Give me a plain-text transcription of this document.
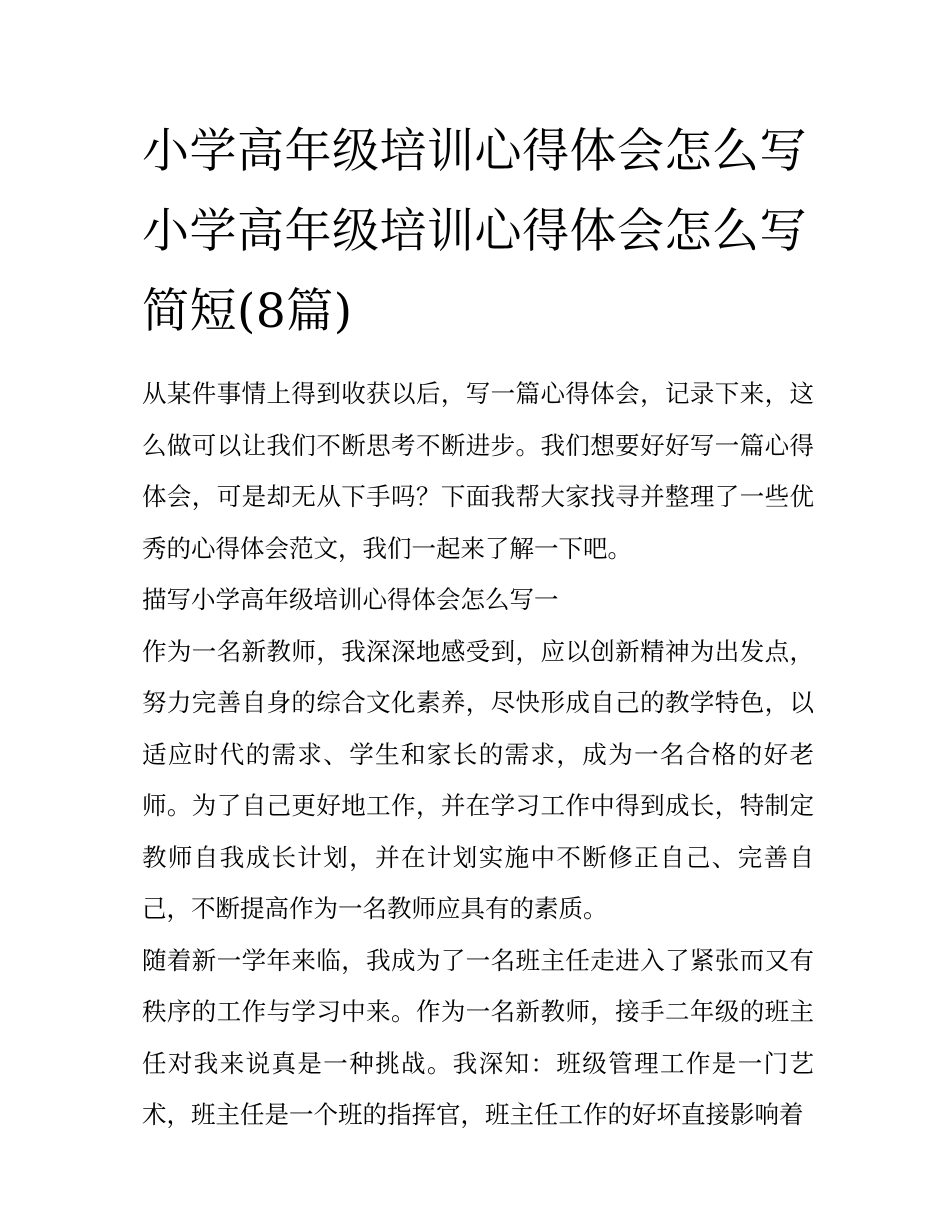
小学高年级培训心得体会怎么写 小学高年级培训心得体会怎么写简短(8篇)

从某件事情上得到收获以后，写一篇心得体会，记录下来，这么做可以让我们不断思考不断进步。我们想要好好写一篇心得体会，可是却无从下手吗？下面我帮大家找寻并整理了一些优秀的心得体会范文，我们一起来了解一下吧。

描写小学高年级培训心得体会怎么写一

作为一名新教师，我深深地感受到，应以创新精神为出发点，努力完善自身的综合文化素养，尽快形成自己的教学特色，以适应时代的需求、学生和家长的需求，成为一名合格的好老师。为了自己更好地工作，并在学习工作中得到成长，特制定教师自我成长计划，并在计划实施中不断修正自己、完善自己，不断提高作为一名教师应具有的素质。

随着新一学年来临，我成为了一名班主任走进入了紧张而又有秩序的工作与学习中来。作为一名新教师，接手二年级的班主任对我来说真是一种挑战。我深知：班级管理工作是一门艺术，班主任是一个班的指挥官，班主任工作的好坏直接影响着
